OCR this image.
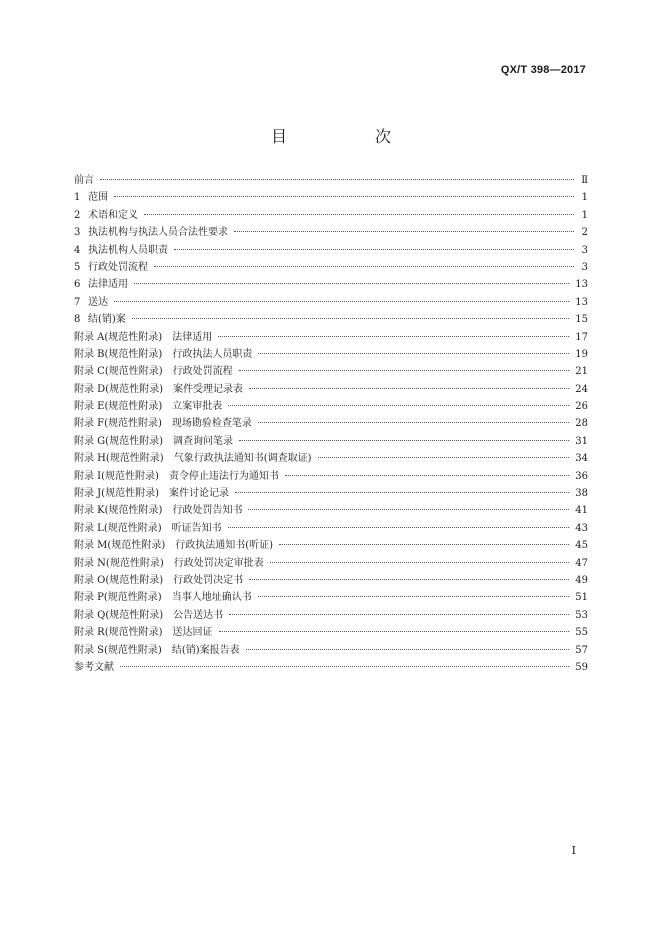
QX/T 398—2017
目　次
前言	Ⅱ
1 范围	1
2 术语和定义	1
3 执法机构与执法人员合法性要求	2
4 执法机构人员职责	3
5 行政处罚流程	3
6 法律适用	13
7 送达	13
8 结(销)案	15
附录 A(规范性附录)　法律适用	17
附录 B(规范性附录)　行政执法人员职责	19
附录 C(规范性附录)　行政处罚流程	21
附录 D(规范性附录)　案件受理记录表	24
附录 E(规范性附录)　立案审批表	26
附录 F(规范性附录)　现场勘验检查笔录	28
附录 G(规范性附录)　调查询问笔录	31
附录 H(规范性附录)　气象行政执法通知书(调查取证)	34
附录 I(规范性附录)　责令停止违法行为通知书	36
附录 J(规范性附录)　案件讨论记录	38
附录 K(规范性附录)　行政处罚告知书	41
附录 L(规范性附录)　听证告知书	43
附录 M(规范性附录)　行政执法通知书(听证)	45
附录 N(规范性附录)　行政处罚决定审批表	47
附录 O(规范性附录)　行政处罚决定书	49
附录 P(规范性附录)　当事人地址确认书	51
附录 Q(规范性附录)　公告送达书	53
附录 R(规范性附录)　送达回证	55
附录 S(规范性附录)　结(销)案报告表	57
参考文献	59
I
